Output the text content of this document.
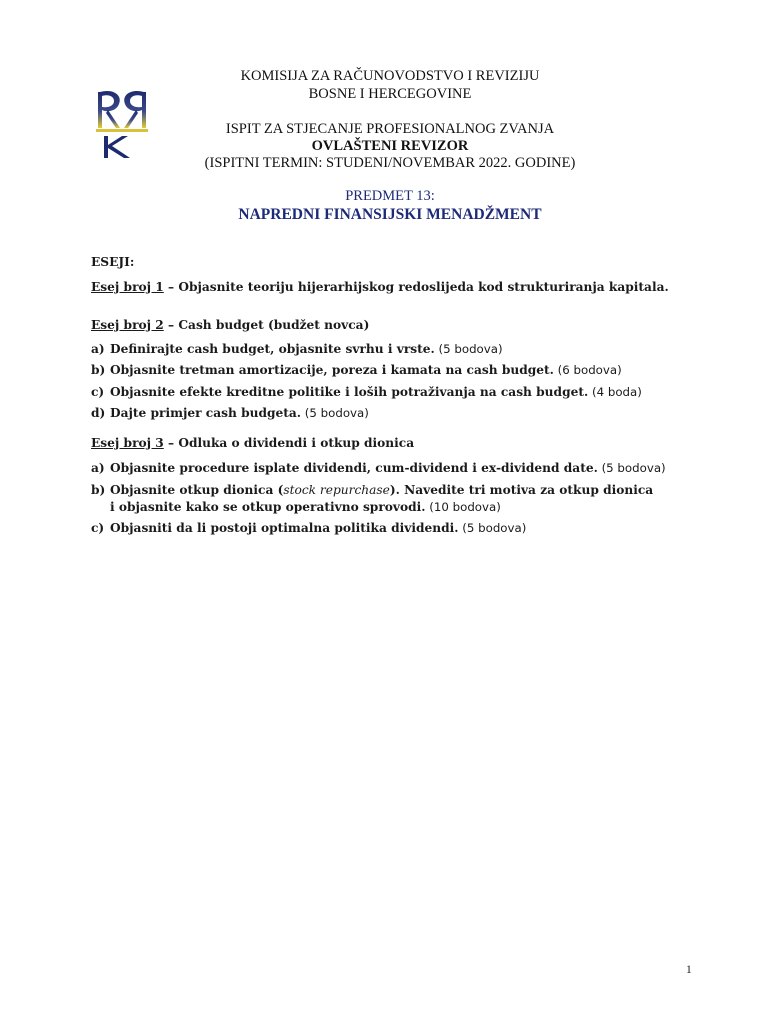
KOMISIJA ZA RAČUNOVODSTVO I REVIZIJU
BOSNE I HERCEGOVINE
ISPIT ZA STJECANJE PROFESIONALNOG ZVANJA
OVLAŠTENI REVIZOR
(ISPITNI TERMIN: STUDENI/NOVEMBAR 2022. GODINE)
PREDMET 13:
NAPREDNI FINANSIJSKI MENADŽMENT
ESEJI:
Esej broj 1 – Objasnite teoriju hijerarhijskog redoslijeda kod strukturiranja kapitala.
Esej broj 2 – Cash budget (budžet novca)
a) Definirajte cash budget, objasnite svrhu i vrste. (5 bodova)
b) Objasnite tretman amortizacije, poreza i kamata na cash budget. (6 bodova)
c) Objasnite efekte kreditne politike i loših potraživanja na cash budget. (4 boda)
d) Dajte primjer cash budgeta. (5 bodova)
Esej broj 3 – Odluka o dividendi i otkup dionica
a) Objasnite procedure isplate dividendi, cum-dividend i ex-dividend date. (5 bodova)
b) Objasnite otkup dionica (stock repurchase). Navedite tri motiva za otkup dionica i objasnite kako se otkup operativno sprovodi. (10 bodova)
c) Objasniti da li postoji optimalna politika dividendi. (5 bodova)
1
